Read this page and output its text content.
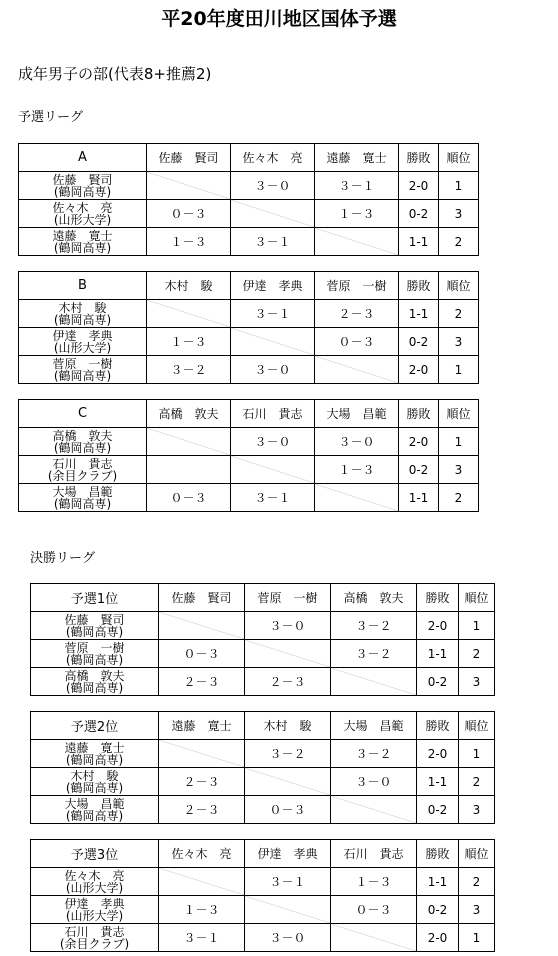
平20年度田川地区国体予選
成年男子の部(代表8+推薦2)
予選リーグ
決勝リーグ
A	佐藤　賢司	佐々木　亮	遠藤　寛士	勝敗	順位

佐藤　賢司
(鶴岡高専)		３－０	３－１	2-0	1

佐々木　亮
(山形大学)	０－３		１－３	0-2	3

遠藤　寛士
(鶴岡高専)	１－３	３－１		1-1	2
B	木村　駿	伊達　孝典	菅原　一樹	勝敗	順位

木村　駿
(鶴岡高専)		３－１	２－３	1-1	2

伊達　孝典
(山形大学)	１－３		０－３	0-2	3

菅原　一樹
(鶴岡高専)	３－２	３－０		2-0	1
C	高橋　敦夫	石川　貴志	大場　昌範	勝敗	順位

高橋　敦夫
(鶴岡高専)		３－０	３－０	2-0	1

石川　貴志
(余目クラブ)			１－３	0-2	3

大場　昌範
(鶴岡高専)	０－３	３－１		1-1	2
予選1位	佐藤　賢司	菅原　一樹	高橋　敦夫	勝敗	順位

佐藤　賢司
(鶴岡高専)		３－０	３－２	2-0	1

菅原　一樹
(鶴岡高専)	０－３		３－２	1-1	2

高橋　敦夫
(鶴岡高専)	２－３	２－３		0-2	3
予選2位	遠藤　寛士	木村　駿	大場　昌範	勝敗	順位

遠藤　寛士
(鶴岡高専)		３－２	３－２	2-0	1

木村　駿
(鶴岡高専)	２－３		３－０	1-1	2

大場　昌範
(鶴岡高専)	２－３	０－３		0-2	3
予選3位	佐々木　亮	伊達　孝典	石川　貴志	勝敗	順位

佐々木　亮
(山形大学)		３－１	１－３	1-1	2

伊達　孝典
(山形大学)	１－３		０－３	0-2	3

石川　貴志
(余目クラブ)	３－１	３－０		2-0	1
